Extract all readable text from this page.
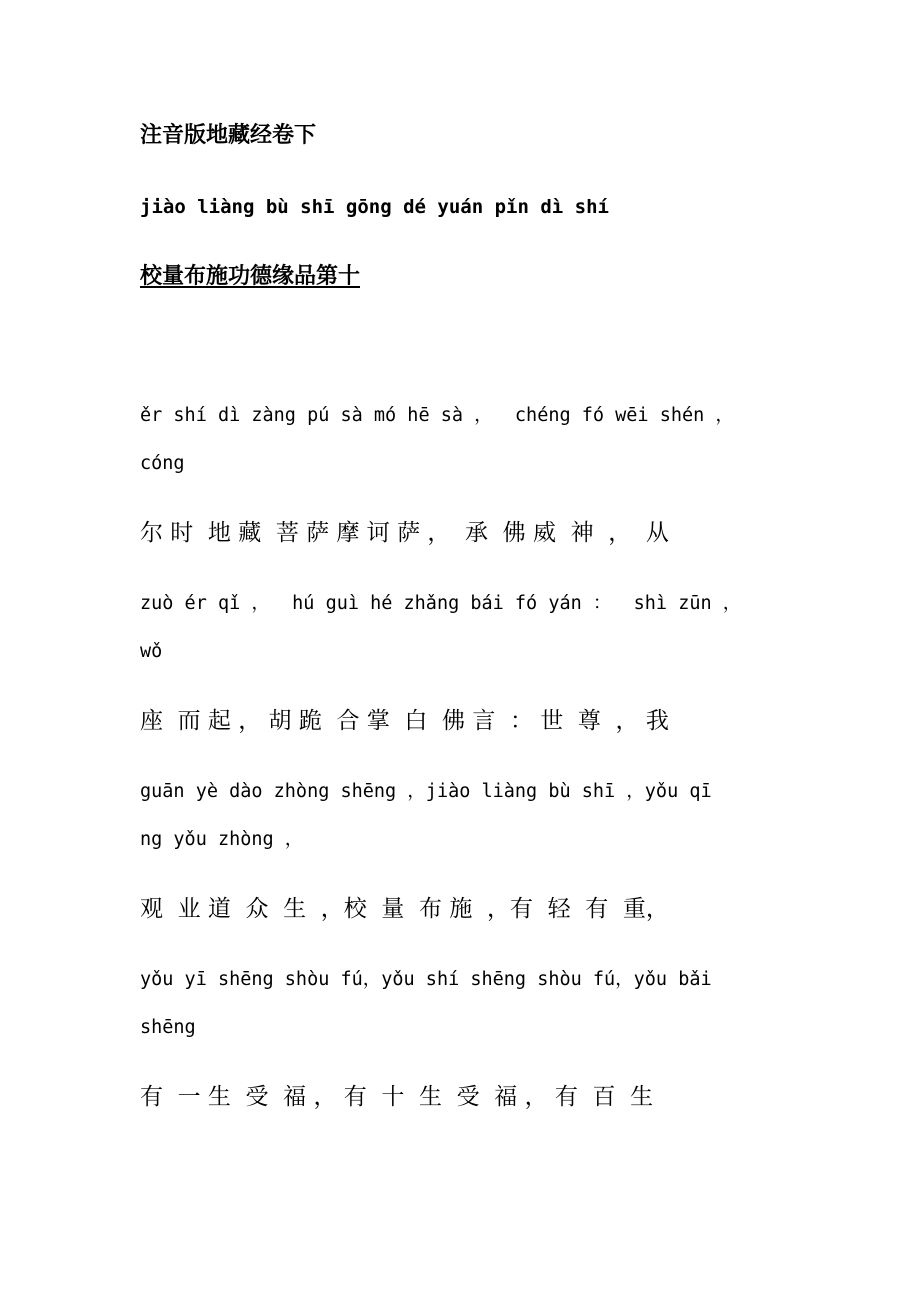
注音版地藏经卷下
jiào liàng bù shī gōng dé yuán pǐn dì shí
校量布施功德缘品第十
ěr shí dì zàng pú sà mó hē sà ，  chéng fó wēi shén ，
cóng
尔 时  地 藏  菩 萨 摩 诃 萨 ，  承  佛 威  神  ，  从
zuò ér qǐ ，  hú guì hé zhǎng bái fó yán ：  shì zūn ，
wǒ
座  而 起 ， 胡 跪  合 掌  白  佛 言  ： 世  尊  ， 我
guān yè dào zhòng shēng ，jiào liàng bù shī ，yǒu qī
ng yǒu zhòng ，
观  业 道  众  生  ，校  量  布 施  ，有  轻  有  重，
yǒu yī shēng shòu fú，yǒu shí shēng shòu fú，yǒu bǎi
shēng
有  一 生  受  福 ， 有  十  生  受  福 ， 有  百  生
